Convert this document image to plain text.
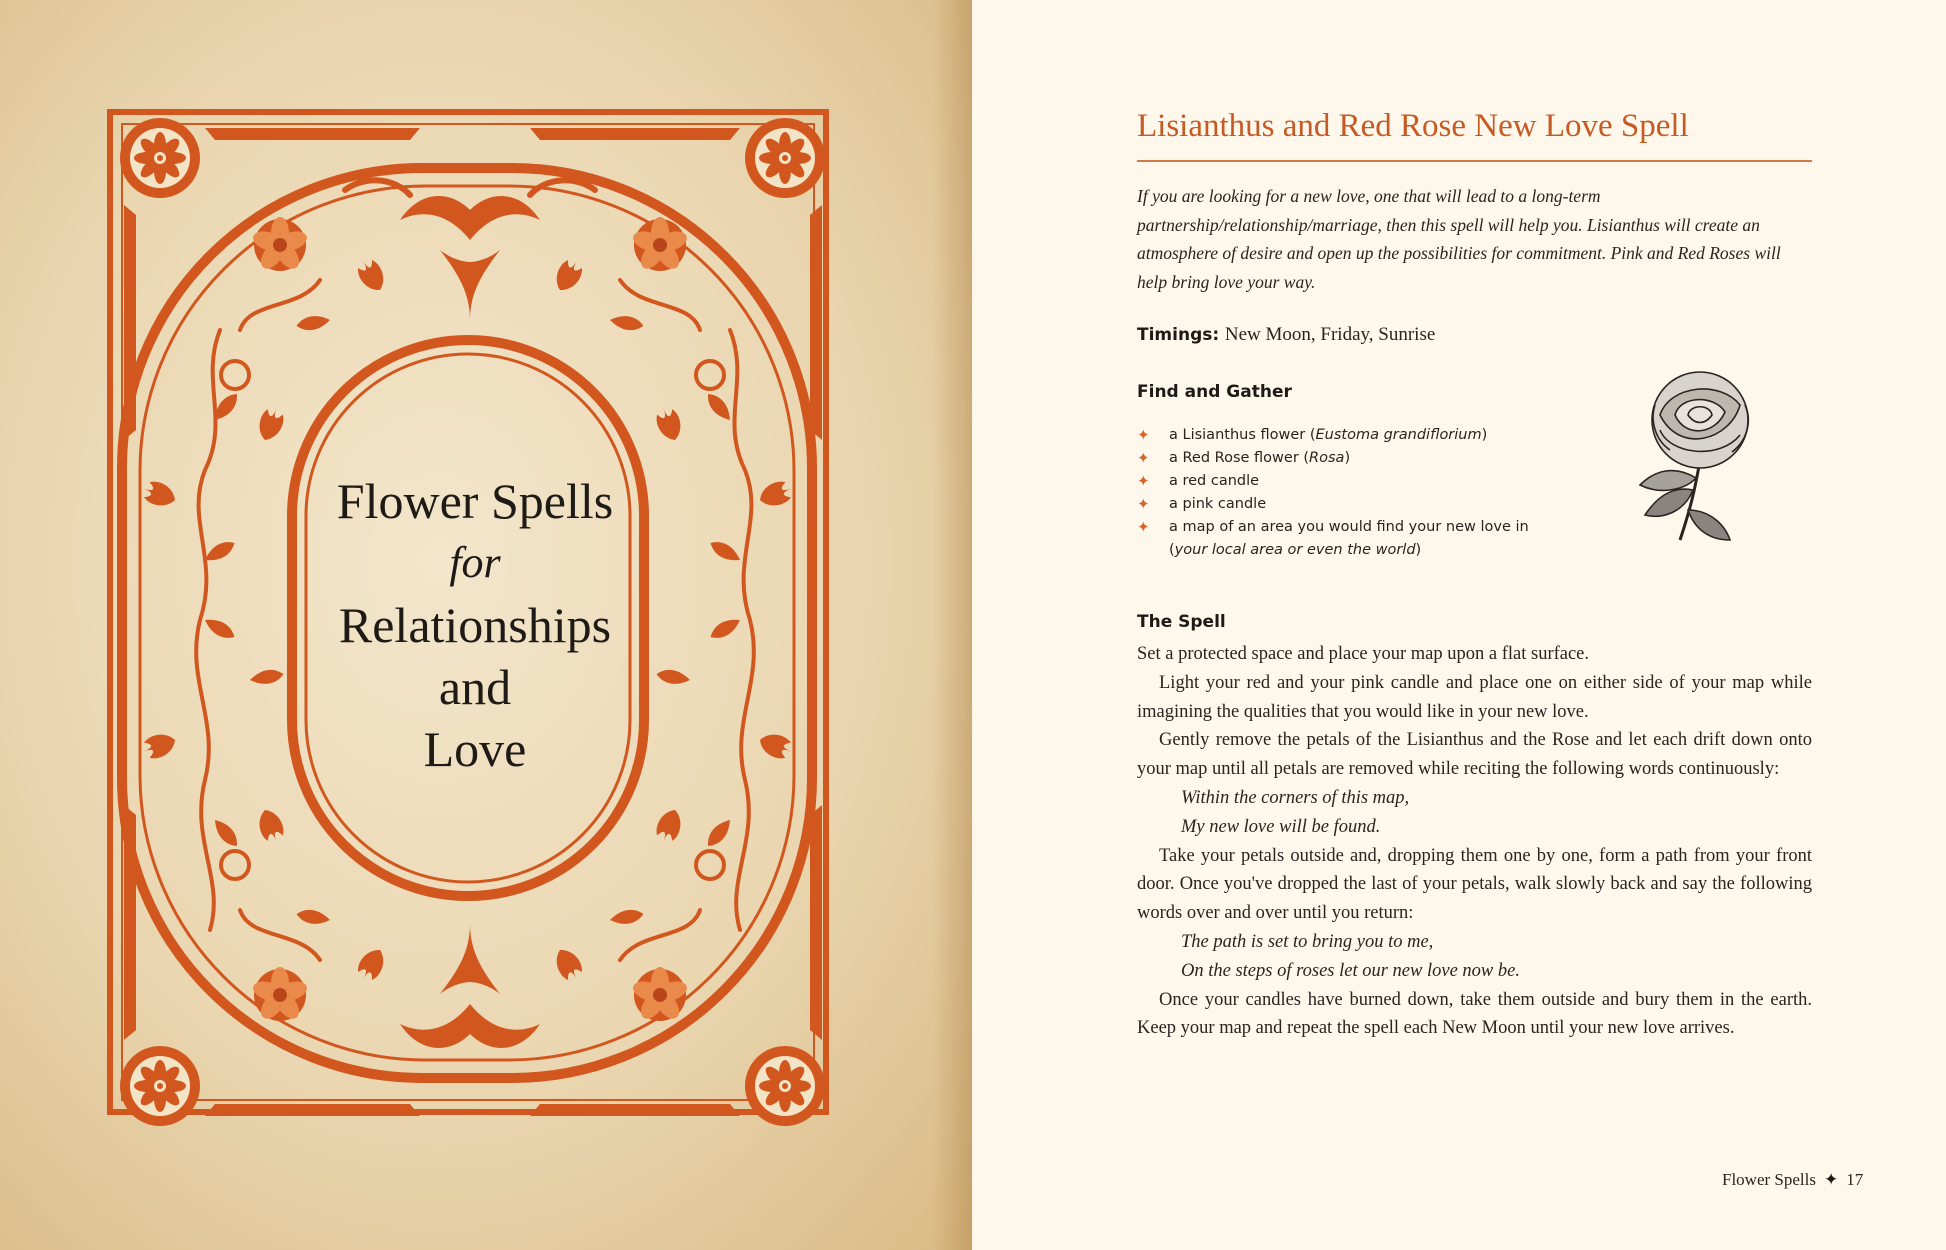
Flower Spells
for
Relationships
and
Love
Lisianthus and Red Rose New Love Spell

If you are looking for a new love, one that will lead to a long-term partnership/relationship/marriage, then this spell will help you. Lisianthus will create an atmosphere of desire and open up the possibilities for commitment. Pink and Red Roses will help bring love your way.

Timings: New Moon, Friday, Sunrise
Find and Gather
✦ a Lisianthus flower (Eustoma grandiflorium)
✦ a Red Rose flower (Rosa)
✦ a red candle
✦ a pink candle
✦ a map of an area you would find your new love in (your local area or even the world)
The Spell

Set a protected space and place your map upon a flat surface.

Light your red and your pink candle and place one on either side of your map while imagining the qualities that you would like in your new love.

Gently remove the petals of the Lisianthus and the Rose and let each drift down onto your map until all petals are removed while reciting the following words continuously:

Within the corners of this map,

My new love will be found.

Take your petals outside and, dropping them one by one, form a path from your front door. Once you've dropped the last of your petals, walk slowly back and say the following words over and over until you return:

The path is set to bring you to me,

On the steps of roses let our new love now be.

Once your candles have burned down, take them outside and bury them in the earth. Keep your map and repeat the spell each New Moon until your new love arrives.

Flower Spells ✦ 17
